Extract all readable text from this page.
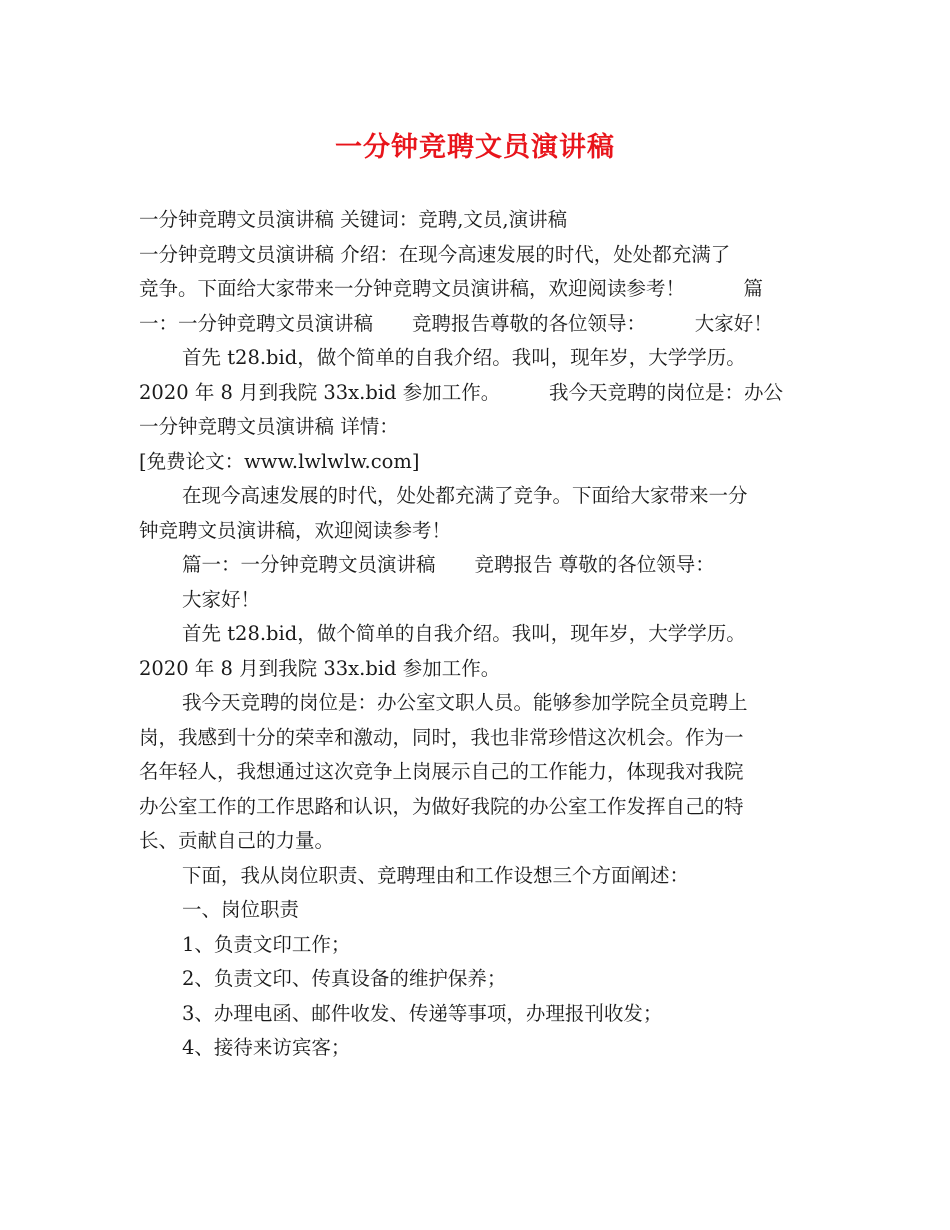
一分钟竞聘文员演讲稿
一分钟竞聘文员演讲稿 关键词：竞聘,文员,演讲稿
一分钟竞聘文员演讲稿 介绍：在现今高速发展的时代，处处都充满了
竞争。下面给大家带来一分钟竞聘文员演讲稿，欢迎阅读参考！　　　篇
一：一分钟竞聘文员演讲稿　　竞聘报告尊敬的各位领导：　　　大家好！
首先 t28.bid，做个简单的自我介绍。我叫，现年岁，大学学历。
2020 年 8 月到我院 33x.bid 参加工作。　　　我今天竞聘的岗位是：办公
一分钟竞聘文员演讲稿 详情：
[免费论文：www.lwlwlw.com]
在现今高速发展的时代，处处都充满了竞争。下面给大家带来一分
钟竞聘文员演讲稿，欢迎阅读参考！
篇一：一分钟竞聘文员演讲稿　　竞聘报告 尊敬的各位领导：
大家好！
首先 t28.bid，做个简单的自我介绍。我叫，现年岁，大学学历。
2020 年 8 月到我院 33x.bid 参加工作。
我今天竞聘的岗位是：办公室文职人员。能够参加学院全员竞聘上
岗，我感到十分的荣幸和激动，同时，我也非常珍惜这次机会。作为一
名年轻人，我想通过这次竞争上岗展示自己的工作能力，体现我对我院
办公室工作的工作思路和认识，为做好我院的办公室工作发挥自己的特
长、贡献自己的力量。
下面，我从岗位职责、竞聘理由和工作设想三个方面阐述：
一、岗位职责
1、负责文印工作；
2、负责文印、传真设备的维护保养；
3、办理电函、邮件收发、传递等事项，办理报刊收发；
4、接待来访宾客；
